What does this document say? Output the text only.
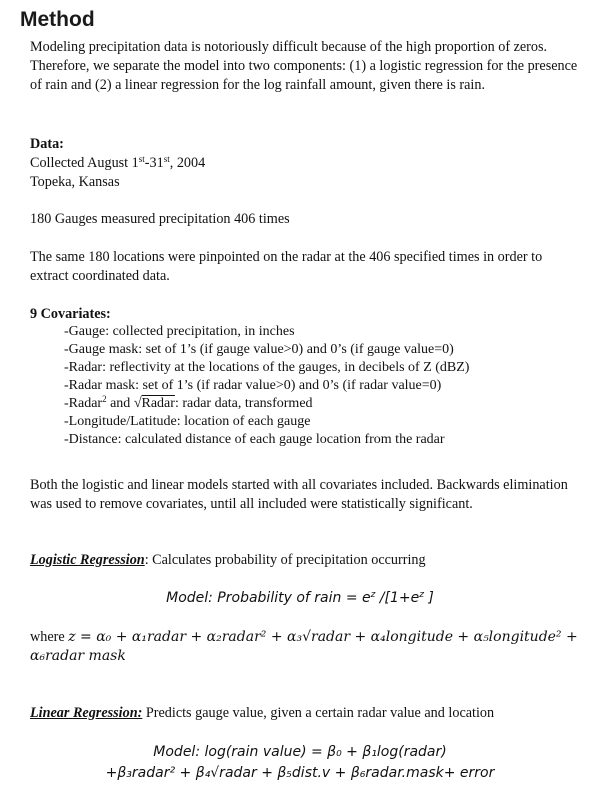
Method
Modeling precipitation data is notoriously difficult because of the high proportion of zeros. Therefore, we separate the model into two components: (1) a logistic regression for the presence of rain and (2) a linear regression for the log rainfall amount, given there is rain.
Data:
Collected August 1st-31st, 2004
Topeka, Kansas
180 Gauges measured precipitation 406 times
The same 180 locations were pinpointed on the radar at the 406 specified times in order to extract coordinated data.
9 Covariates:
-Gauge: collected precipitation, in inches
-Gauge mask: set of 1’s (if gauge value>0) and 0’s (if gauge value=0)
-Radar: reflectivity at the locations of the gauges, in decibels of Z (dBZ)
-Radar mask: set of 1’s (if radar value>0) and 0’s (if radar value=0)
-Radar$^2$ and √Radar: radar data, transformed
-Longitude/Latitude: location of each gauge
-Distance: calculated distance of each gauge location from the radar
Both the logistic and linear models started with all covariates included. Backwards elimination was used to remove covariates, until all included were statistically significant.
Logistic Regression: Calculates probability of precipitation occurring
Model: Probability of rain = $e^z$ $/[1+e^z$ ]
where z = α₀ + α₁radar + α₂radar² + α₃√radar + α₄longitude + α₅longitude² +
α₆radar mask
Linear Regression: Predicts gauge value, given a certain radar value and location
Model: log(rain value) = β₀ + β₁log(radar)
+β₃radar² + β₄√radar + β₅dist.v + β₆radar.mask+ error
